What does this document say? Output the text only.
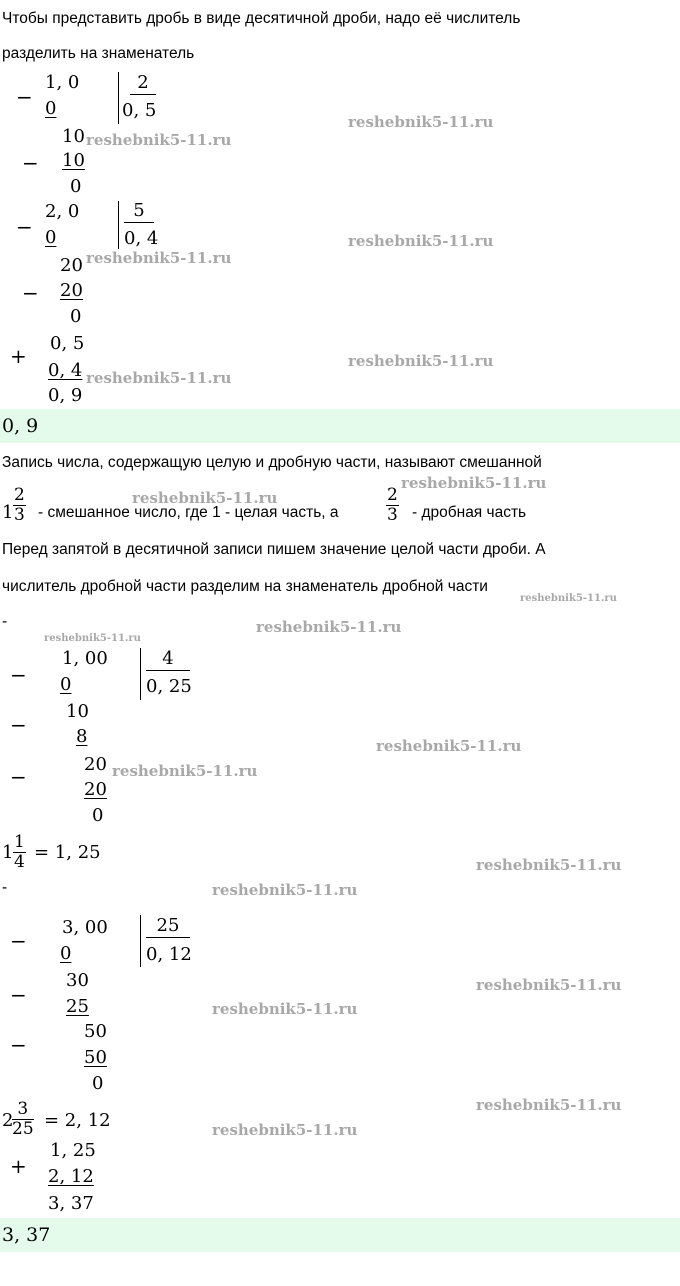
Чтобы представить дробь в виде десятичной дроби, надо её числитель
разделить на знаменатель
−
1, 0
0
2
0, 5
10
− 10
0
−
2, 0
0
5
0, 4
20
− 20
0
+
0, 5
0, 4
0, 9
0, 9
Запись числа, содержащую целую и дробную части, называют смешанной
$1 \frac{2}{3}$ - смешанное число, где 1 - целая часть, а	$\frac{2}{3}$ - дробная часть
Перед запятой в десятичной записи пишем значение целой части дроби. А
числитель дробной части разделим на знаменатель дробной части
-
−
1, 00
0
4
0, 25
−
10
8
−
20
20
0
$1 \frac{1}{4} = 1$, 25
-
−
3, 00
0
25
0, 12
−
30
25
−
50
50
0
2
$\frac{3}{25} = 2$, 12
+
1, 25
2, 12
3, 37
3, 37
reshebnik5-11.ru
reshebnik5-11.ru
reshebnik5-11.ru
reshebnik5-11.ru
reshebnik5-11.ru
reshebnik5-11.ru
reshebnik5-11.ru
reshebnik5-11.ru
reshebnik5-11.ru
reshebnik5-11.ru
reshebnik5-11.ru
reshebnik5-11.ru
reshebnik5-11.ru
reshebnik5-11.ru
reshebnik5-11.ru
reshebnik5-11.ru
reshebnik5-11.ru
reshebnik5-11.ru
reshebnik5-11.ru
